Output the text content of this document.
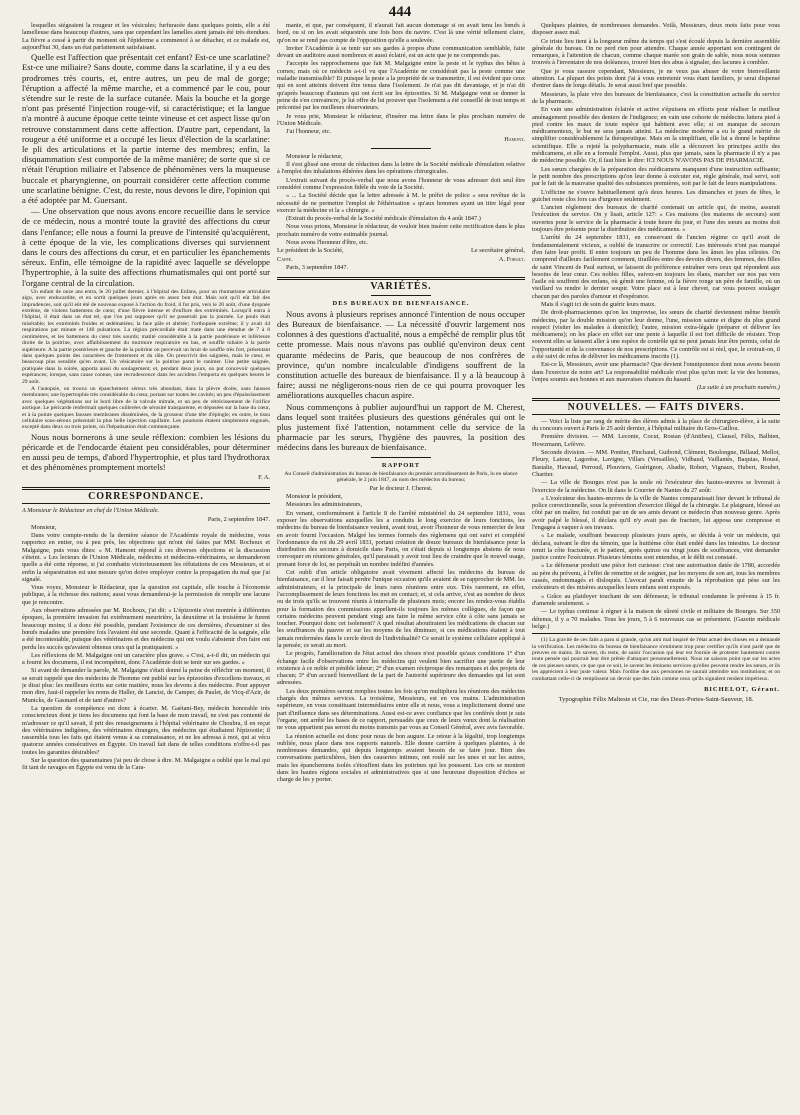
444

lesquelles siégeaient la rougeur et les vésicules; furfuracée dans quelques points, elle a été lamelleuse dans beaucoup d'autres, sans que cependant les lamelles aient jamais été très étendues. La fièvre a cessé à partir du moment où l'épiderme a commencé à se détacher, et ce malade est, aujourd'hui 30, dans un état parfaitement satisfaisant.

Quelle est l'affection que présentait cet enfant? Est-ce une scarlatine? Est-ce une miliaire? Sans doute, comme dans la scarlatine, il y a eu des prodromes très courts, et, entre autres, un peu de mal de gorge; l'éruption a affecté la même marche, et a commencé par le cou, pour s'étendre sur le reste de la surface cutanée. Mais la bouche et la gorge n'ont pas présenté l'injection rouge-vif, si caractéristique; et la langue n'a montré à aucune époque cette teinte vineuse et cet aspect lisse qu'on retrouve constamment dans cette affection. D'autre part, cependant, la rougeur a été uniforme et a occupé les lieux d'élection de la scarlatine: le pli des articulations et la partie interne des membres; enfin, la disquammation s'est comportée de la même manière; de sorte que si ce n'était l'éruption miliaire et l'absence de phénomènes vers la muqueuse buccale et pharyngienne, on pourrait considérer cette affection comme une scarlatine bénigne. C'est, du reste, nous devons le dire, l'opinion qui a été adoptée par M. Guersant.

— Une observation que nous avons encore recueillie dans le service de ce médecin, nous a montré toute la gravité des affections du cœur dans l'enfance; elle nous a fourni la preuve de l'intensité qu'acquièrent, à cette époque de la vie, les complications diverses qui surviennent dans le cours des affections du cœur, et en particulier les épanchements séreux. Enfin, elle témoigne de la rapidité avec laquelle se développe l'hypertrophie, à la suite des affections rhumatismales qui ont porté sur l'organe central de la circulation.

Un enfant de onze ans entra, le 20 juillet dernier, à l'hôpital des Enfans, pour un rhumatisme articulaire aigu, avec endocardite, et en sortit quelques jours après en assez bon état. Mais soit qu'il eût fait des imprudences, soit qu'il eût été de nouveau exposé à l'action du froid, il fut pris, vers le 20 août, d'une dyspnée extrême, de violens battemens de cœur, d'une fièvre intense et d'enflure des extrémités. Lorsqu'il entra à l'hôpital, il était dans un état tel, que l'on put supposer qu'il ne passerait pas la journée. Le pouls était misérable; les extrémités froides et œdématiées; la face pâle et altérée; l'orthopnée extrême; il y avait 44 respirations par minute et 140 pulsations. La région précordiale était mate dans une étendue de 7 à 8 centimètres, et les battemens du cœur très sourds; matité considérable à la partie postérieure et inférieure droite de la poitrine, avec affaiblissement du murmure respiratoire en bas, et souffle tubaire à la partie supérieure. A la partie postérieure et gauche de la poitrine on percevait un bruit de souffle très fort, présentant dans quelques points des caractères de frottement et du râle. On prescrivit des saignées, mais le cœur, et beaucoup plus sensible qu'en avant. Un vésicatoire sur la poitrine parut le ranimer. Une petite saignée, pratiquée dans la soirée, apporta aussi du soulagement; et, pendant deux jours, on put concevoir quelques espérances; lorsque, sans cause connue, une recrudescence dans les accidens l'emporta en quelques heures le 29 août.

A l'autopsie, on trouva un épanchement séreux très abondant, dans la plèvre droite, sans fausses membranes; une hypertrophie très considérable du cœur, portant sur toutes les cavités; un peu d'épaississement avec quelques végétations sur le bord libre de la valvule mitrale, et un peu de rétrécissement de l'orifice aortique. Le péricarde renfermait quelques cuillerées de sérosité transparente, et déposées sur la base du cœur, et à la pointe quelques fausses membranes disséminées, de la grosseur d'une tête d'épingle; en outre, le tissu cellulaire sous-séreux présentait la plus belle injection capillaire. Les poumons étaient simplement engoués, excepté dans deux ou trois points, où l'hépatisation était commençante.

Nous nous bornerons à une seule réflexion: combien les lésions du péricarde et de l'endocarde étaient peu considérables, pour déterminer en aussi peu de temps, d'abord l'hypertrophie, et plus tard l'hydrothorax et des phénomènes promptement mortels!

F. A.

CORRESPONDANCE.

A Monsieur le Rédacteur en chef de l'Union Médicale.

Paris, 2 septembre 1847.

Monsieur,

Dans votre compte-rendu de la dernière séance de l'Académie royale de médecine, vous rapportez en entier, ou à peu près, les objections qui m'ont été faites par MM. Rochoux et Malgaigne, puis vous dites: « M. Hamont répond à ces diverses objections et la discussion s'éteint. » Les lecteurs de l'Union Médicale, médecins et médecins-vétérinaires, se demanderont quelle a été cette réponse, si j'ai combattu victorieusement les réfutations de ces Messieurs, et si enfin la séquestration est une mesure qu'on doive employer contre la propagation du mal que j'ai signalé.

Vous voyez, Monsieur le Rédacteur, que la question est capitale, elle touche à l'économie publique, à la richesse des nations; aussi vous demanderai-je la permission de remplir une lacune que je rencontre.

Aux observations adressées par M. Rochoux, j'ai dit: « L'épizootie s'est montrée à différentes époques, la première invasion fut extrêmement meurtrière, la deuxième et la troisième le furent beaucoup moins; il a donc été possible, pendant l'existence de ces dernières, d'examiner si des bœufs malades une première fois l'avaient été une seconde. Quant à l'efficacité de la saignée, elle a été incontestable, puisque des vétérinaires et des médecins qui ont voulu s'abstenir d'en faire ont perdu les succès qu'avaient obtenus ceux qui la pratiquaient. »

Les réflexions de M. Malgaigne ont un caractère plus grave. « C'est, a-t-il dit, un médecin qui a fourni les documens, il est incompétent, donc l'Académie doit se tenir sur ses gardes. »

Si avant de demander la parole, M. Malgaigne s'était donné la peine de réfléchir un moment, il se serait rappelé que des médecins de l'homme ont publié sur les épizooties d'excellens travaux, et je dirai plus: les meilleurs écrits sur cette matière, nous les devons à des médecins. Pour appuyer mon dire, faut-il rappeler les noms de Haller, de Lancisi, de Camper, de Paulet, de Vicq-d'Azir, de Municks, de Gasmard et de tant d'autres?

La question de compétence est donc à écarter. M. Gaétani-Bey, médecin honorable très consciencieux dont je tiens les documens qui font la base de mon travail, ne s'est pas contenté de m'adresser ce qu'il savait, il prit des renseignemens à l'hôpital vétérinaire de Choubra, il en reçut des vétérinaires indigènes, des vétérinaires étrangers, des médecins qui étudiaient l'épizootie; il rassembla tous les faits qui étaient venus à sa connaissance, et ne les adressa à moi, qui ai vécu quatorze années consécutives en Égypte. Un travail fait dans de telles conditions n'offre-t-il pas toutes les garanties désirables?

Sur la question des quarantaines j'ai peu de chose à dire. M. Malgaigne a oublié que le mal qui fit tant de ravages en Égypte est venu de la Cara-

manie, et que, par conséquent, il n'aurait fait aucun dommage si on avait tenu les bœufs à bord, ou si on les avait séquestrés une fois hors du navire. C'est là une vérité tellement claire, qu'on ne se rend pas compte de l'opposition qu'elle a soulevée.

Inviter l'Académie à se tenir sur ses gardes à propos d'une communication semblable, faite devant un auditoire aussi nombreux et aussi éclairé, est un acte que je ne comprends pas.

J'accepte les rapprochemens que fait M. Malgaigne entre la peste et le typhus des bêtes à cornes; mais où ce médecin a-t-il vu que l'Académie ne considérait pas la peste comme une maladie transmissible? Et puisque la peste a la propriété de se transmettre, il est évident que ceux qui en sont atteints doivent être tenus dans l'isolement. Je n'ai pas dit davantage, et je n'ai dit qu'après beaucoup d'auteurs qui ont écrit sur les épizooties. Si M. Malgaigne veut se donner la peine de s'en convaincre, je lui offre de lui prouver que l'isolement a été conseillé de tout temps et préconisé par les meilleurs observateurs.

Je vous prie, Monsieur le rédacteur, d'insérer ma lettre dans le plus prochain numéro de l'Union Médicale.

J'ai l'honneur, etc.

Hamont.

Monsieur le rédacteur,

Il s'est glissé une erreur de rédaction dans la lettre de la Société médicale d'émulation relative à l'emploi des inhalations éthérées dans les opérations chirurgicales.

L'extrait suivant du procès-verbal que nous avons l'honneur de vous adresser doit seul être considéré comme l'expression fidèle du vote de la Société.

« ... La Société décide que la lettre adressée à M. le préfet de police « sera revêtue de la nécessité de ne permettre l'emploi de l'éthérisation « qu'aux hommes ayant un titre légal pour exercer la médecine et la « chirurgie. »

(Extrait du procès-verbal de la Société médicale d'émulation du 4 août 1847.)

Nous vous prions, Monsieur le rédacteur, de vouloir bien insérer cette rectification dans le plus prochain numéro de votre estimable journal.

Nous avons l'honneur d'être, etc.

Le président de la Société,	Le secrétaire général,
Caffe.	A. Forget.

Paris, 3 septembre 1847.

VARIÉTÉS.
DES BUREAUX DE BIENFAISANCE.

Nous avons à plusieurs reprises annoncé l'intention de nous occuper des Bureaux de bienfaisance. — La nécessité d'ouvrir largement nos colonnes à des questions d'actualité, nous a empêché de remplir plus tôt cette promesse. Mais nous n'avons pas oublié qu'environ deux cent quarante médecins de Paris, que beaucoup de nos confrères de province, qu'un nombre incalculable d'indigens souffrent de la constitution actuelle des bureaux de bienfaisance. Il y a là beaucoup à faire; aussi ne négligerons-nous rien de ce qui pourra provoquer les améliorations auxquelles chacun aspire.

Nous commençons à publier aujourd'hui un rapport de M. Cherest, dans lequel sont traitées plusieurs des questions générales qui ont le plus justement fixé l'attention, notamment celle du service de la pharmacie par les sœurs, l'hygiène des pauvres, la position des médecins dans les bureaux de bienfaisance.

RAPPORT

Au Conseil d'administration du bureau de bienfaisance du premier arrondissement de Paris, lu en séance générale, le 2 juin 1847, au nom des médecins du bureau;

Par le docteur J. Cherest.

Monsieur le président,

Messieurs les administrateurs,

En venant, conformément à l'article 8 de l'arrêté ministériel du 24 septembre 1831, vous exposer les observations auxquelles les a conduits le long exercice de leurs fonctions, les médecins du bureau de bienfaisance veulent, avant tout, avoir l'honneur de vous remercier de leur en avoir fourni l'occasion. Malgré les termes formels des règlemens qui ont suivi et complété l'ordonnance du roi du 29 avril 1831, portant création de douze bureaux de bienfaisance pour la distribution des secours à domicile dans Paris, on s'était depuis si longtemps abstenu de nous convoquer en réunions générales, qu'il paraissait y avoir tout lieu de craindre que le nouvel usage, prenant force de loi, ne perpétuât un nombre indéfini d'années.

Cet oubli d'un article obligatoire avait vivement affecté les médecins du bureau de bienfaisance, car il leur faisait perdre l'unique occasion qu'ils avaient de se rapprocher de MM. les administrateurs, et la principale de leurs rares réunions entre eux. Très rarement, en effet, l'accomplissement de leurs fonctions les met en contact; et, si cela arrive, c'est au nombre de deux ou de trois qu'ils se trouvent réunis à intervalle de plusieurs mois; encore les rendez-vous établis pour la formation des commissions appellent-ils toujours les mêmes collègues, de façon que certains médecins peuvent pendant vingt ans faire le même service côte à côte sans jamais se toucher. Pourquoi donc cet isolement? A quel résultat aboutiraient les médications de chacun sur les souffrances du pauvre et sur les moyens de les diminuer, si ces médications étaient à tout jamais renfermées dans le cercle étroit de l'individualité? Ce serait le système cellulaire appliqué à la pensée; ce serait au mort.

Le progrès, l'amélioration de l'état actuel des choses n'est possible qu'aux conditions 1° d'un échange facile d'observations entre les médecins qui veulent bien sacrifier une partie de leur existence à ce noble et pénible labeur; 2° d'un examen réciproque des remarques et des projets de chacun; 3° d'un accueil bienveillant de la part de l'autorité supérieure des demandes qui lui sont adressées.

Les deux premières seront remplies toutes les fois qu'on multipliera les réunions des médecins chargés des mêmes services. La troisième, Messieurs, est en vos mains. L'administration supérieure, en vous constituant intermédiaires entre elle et nous, vous a implicitement donné une part d'influence dans ses déterminations. Aussi est-ce avec confiance que les conférés dont je suis l'organe, ont arrêté les bases de ce rapport, persuadés que ceux de leurs vœux dont la réalisation ne vous appartient pas seront du moins transmis par vous au Conseil Général, avec avis favorable.

La réunion actuelle est donc pour nous de bon augure. Le retour à la légalité, trop longtemps oubliée, nous place dans nos rapports naturels. Elle donne carrière à quelques plaintes, à de nombreuses demandes, qui depuis longtemps avaient besoin de se faire jour. Bien des conversations particulières, bien des causeries intimes, ont roulé sur les unes et sur les autres, mais les épanchemens isolés s'étouffent dans les poitrines qui les poussent. Les cris se montent dans les hautes régions sociales et administratives que si une heureuse disposition d'échos se charge de les y porter.

Quelques plaintes, de nombreuses demandes. Voilà, Messieurs, deux mots faits pour vous disposer assez mal.

Ce triste lieu tient à la longueur même du temps qui s'est écoulé depuis la dernière assemblée générale du bureau. On ne perd rien pour attendre. Chaque année apportant son contingent de remarques, à l'attention de chacun, comme chaque marée son grain de sable, nous nous sommes trouvés à l'inventaire de nos doléances, trouvé bien des abus à signaler, des lacunes à combler.

Que je vous rassure cependant, Messieurs, je ne veux pas abuser de votre bienveillante attention. La plupart des points dont j'ai à vous entretenir vous étant familiers, je serai dispensé d'entrer dans de longs détails. Je serai aussi bref que possible.

Messieurs, la plaie vive des bureaux de bienfaisance, c'est la constitution actuelle du service de la pharmacie.

En vain une administration éclairée et active s'épuisera en efforts pour réaliser le meilleur aménagement possible des deniers de l'indigence; en vain une cohorte de médecins luttera pied à pied contre les maux de toute espèce qui habitent avec elle; si on manque de secours médicamenteux, le but ne sera jamais atteint. La médecine moderne a eu le grand mérite de simplifier considérablement la thérapeutique. Mais en la simplifiant, elle lui a donné le baptême scientifique. Elle a rejeté la polypharmacie, mais elle a découvert les principes actifs des médicamens, et elle en a formulé l'emploi. Aussi, plus que jamais, sans la pharmacie il n'y a pas de médecine possible. Or, il faut bien le dire: ICI NOUS N'AVONS PAS DE PHARMACIE.

Les sœurs chargées de la préparation des médicamens manquent d'une instruction suffisante; le petit nombre des prescriptions qu'on leur donne à exécuter est, règle générale, mal servi, soit par le fait de la mauvaise qualité des substances premières, soit par le fait de leurs manipulations.

L'officine ne s'ouvre habituellement qu'à deux heures. Les dimanches et jours de fêtes, le guichet reste clos fors cas d'urgence seulement.

L'ancien règlement des bureaux de charité contenait un article qui, de moins, assurait l'exécution du service. On y lisait, article 127: « Ces maisons (les maisons de secours) sont ouvertes pour le service de la pharmacie à toute heure du jour, et l'une des sœurs au moins doit toujours être présente pour la distribution des médicamens. »

L'arrêté du 24 septembre 1831, en conservant de l'ancien régime ce qu'il avait de fondamentalement vicieux, a oublié de transcrire ce correctif. Les intéressés n'ont pas manqué d'en faire leur profit. Il entre toujours un peu de l'homme dans les âmes les plus célestes. On comprend d'ailleurs facilement comment, tiraillées entre des devoirs divers, des femmes, des filles de saint Vincent de Paul surtout, se laissent de préférence entraîner vers ceux qui répondent aux besoins de leur cœur. Ces nobles filles, suivez-en toujours les élans, marcher sur nos pas vers l'asile où souffrent des enfans, où gémit une femme, où la fièvre ronge un père de famille, où un vieillard va rendre le dernier soupir. Votre place est à leur chevet, car vous pouvez soulager chacun par des paroles d'amour et d'espérance.

Mais il s'agit ici de soin de guérir leurs maux.

De droit-pharmaciennes qu'on les improvise, les sœurs de charité deviennent même bientôt médecins, par la double mission qu'on leur donne, l'une, mission sainte et digne du plus grand respect (visiter les malades à domicile); l'autre, mission extra-légale (préparer et délivrer les médicamens); on les place en effet sur une pente à laquelle il est fort difficile de résister. Trop souvent elles se laissent aller à une espèce de contrôle qui ne peut jamais leur être permis, celui de l'opportunité et de la convenance de nos prescriptions. Ce contrôle est si réel, que, le croirait-on, il a été suivi de refus de délivrer les médicamens inscrits (1).

Est-ce là, Messieurs, avoir une pharmacie? Que devient l'omnipotence dont nous avons besoin dans l'exercice de notre art? La responsabilité médicale n'est plus qu'un mot: la vie des hommes, l'enjeu soumis aux bonnes et aux mauvaises chances du hasard.

(La suite à un prochain numéro.)

NOUVELLES. — FAITS DIVERS.

— Voici la liste par rang de mérite des élèves admis à la place de chirurgien-élève, à la suite du concours ouvert à Paris le 25 août dernier, à l'hôpital militaire du Gros-Caillou.

Première division. — MM. Leconte, Cocut, Rostan (d'Antibes), Clausel, Félix, Balbien, Howzmann, Lefèvre.

Seconde division. — MM. Pontier, Pinchaud, Guibond, Clément, Boulongne, Billaud, Mellot, Fleury, Latour, Lagorèse, Lavigne, Villars (Versailles), Vidbaud, Vaillantès, Baquias, Rousé, Bastalie, Havaud, Perroud, Plouviers, Guérignon, Abadie, Robert, Vignaux, Hubert, Roubet, Chartier.

— La ville de Bourges n'est pas la seule où l'exécuteur des hautes-œuvres se livrerait à l'exercice de la médecine. On lit dans le Courrier de Nantes du 27 août:

« L'exécuteur des hautes-œuvres de la ville de Nantes comparaissait hier devant le tribunal de police correctionnelle, sous la prévention d'exercice illégal de la chirurgie. Le plaignant, blessé au côté par un maître, fut conduit par un de ses amis devant ce médecin d'un nouveau genre. Après avoir palpé le blessé, il déclara qu'il n'y avait pas de fracture, lui apposa une compresse et l'engagea à vaquer à ses travaux.

« Le malade, souffrant beaucoup plusieurs jours après, se décida à voir un médecin, qui déclara, suivant le dire du témoin, que la huitième côte était endéé dans les intestins. Le docteur remit la côte fracturée, et le patient, après quinze ou vingt jours de souffrances, vint demander justice contre l'exécuteur. Plusieurs témoins sont entendus, et le délit est constaté.

« Le défenseur produit une pièce fort curieuse: c'est une autorisation datée de 1780, accordée au père du prévenu, à l'effet de remettre et de soigner, par les moyens de son art, tous les membres cassés, endommagés et disloqués. L'avocat paraît ensuite de la réprobation qui pèse sur les exécuteurs et des misères auxquelles leurs enfans sont exposés.

« Grâce au plaidoyer touchant de son défenseur, le tribunal condamne le prévenu à 15 fr. d'amende seulement. »

— Le typhus continue à régner à la maison de sûreté civile et militaire de Bourges. Sur 350 détenus, il y a 70 malades. Tous les jours, 5 à 6 nouveaux cas se présentent. (Gazette médicale belge.)

(1) La gravité de ces faits a paru si grande, qu'un ami mal inspiré de l'état actuel des choses en a demandé la vérification. Les médecins du bureau de bienfaisance n'entiment trop pour certifier qu'ils n'ont parlé que de preuves en mains. Ils savent, du reste, de saisir l'occasion qui leur est fournie de protester hautement contre toute pensée qui pourrait leur être prêtée d'attaquer personnellement. Nous ne saisons point que sur les actes de ces pieuses sœurs, ce que que ce soit, le savent les éminens services qu'elles peuvent rendre les sœurs, et ils les apprécient à leur juste valeur. Mais l'ordine due aux personnes ne saurait atteindre nos institutions; et on combattant celle-ci de remplissent un devoir que des faits comme ceux qu'ils signalent rendent impérieux.

BICHELOT, Gérant.
Typographie Félix Malteste et Cie, rue des Deux-Portes-Saint-Sauveur, 18.
